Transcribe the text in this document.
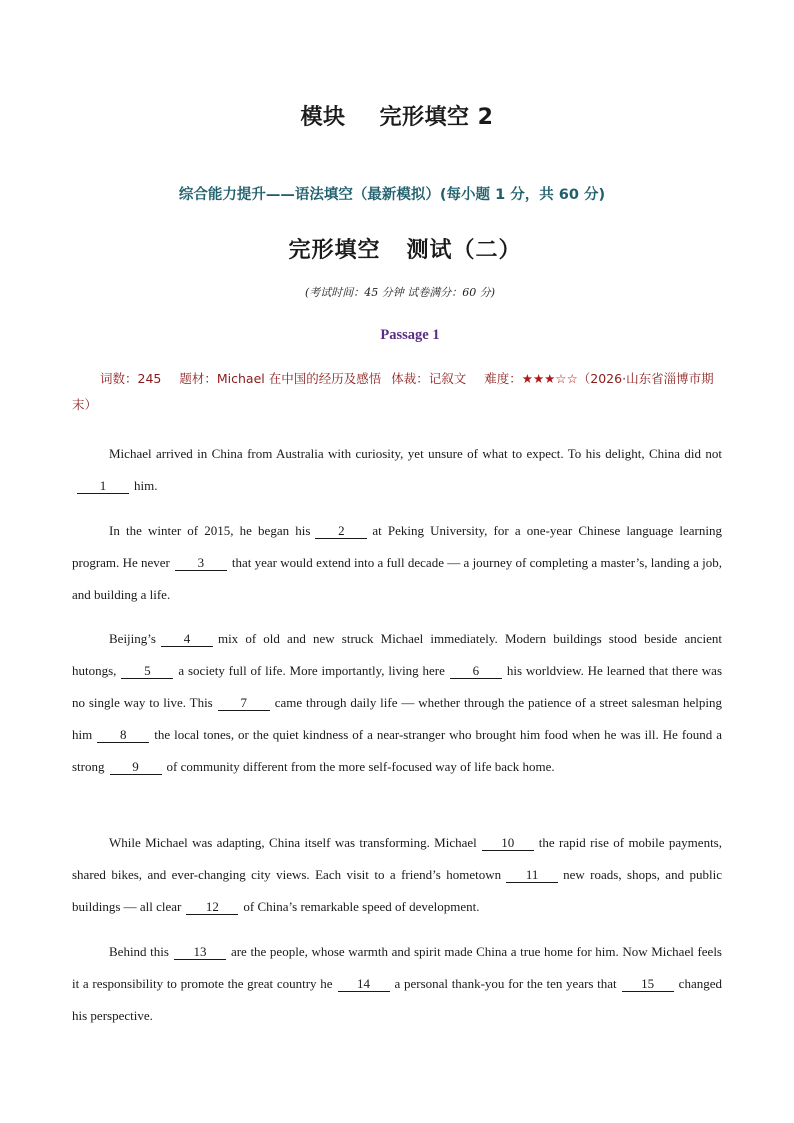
模块 完形填空 2
综合能力提升——语法填空（最新模拟）(每小题 1 分，共 60 分)
完形填空 测试（二）
(考试时间：45 分钟 试卷满分：60 分)
Passage 1
词数：245 题材：Michael 在中国的经历及感悟 体裁：记叙文 难度：★★★☆☆（2026·山东省淄博市期末）

Michael arrived in China from Australia with curiosity, yet unsure of what to expect. To his delight, China did not1 him.

In the winter of 2015, he began his 2 at Peking University, for a one-year Chinese language learning program. He never 3 that year would extend into a full decade — a journey of completing a master’s, landing a job, and building a life.

Beijing’s 4 mix of old and new struck Michael immediately. Modern buildings stood beside ancient hutongs, 5 a society full of life. More importantly, living here 6 his worldview. He learned that there was no single way to live. This 7 came through daily life — whether through the patience of a street salesman helping him 8 the local tones, or the quiet kindness of a near-stranger who brought him food when he was ill. He found a strong 9 of community different from the more self-focused way of life back home.

While Michael was adapting, China itself was transforming. Michael 10 the rapid rise of mobile payments, shared bikes, and ever-changing city views. Each visit to a friend’s hometown 11 new roads, shops, and public buildings — all clear 12 of China’s remarkable speed of development.

Behind this 13 are the people, whose warmth and spirit made China a true home for him. Now Michael feels it a responsibility to promote the great country he 14 a personal thank-you for the ten years that 15 changed his perspective.
